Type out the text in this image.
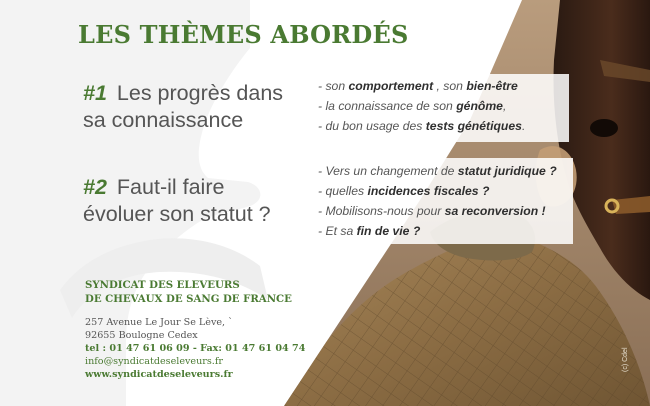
LES THÈMES ABORDÉS
#1 Les progrès dans
sa connaissance
- son comportement , son bien-être
- la connaissance de son génôme,
- du bon usage des tests génétiques.
#2 Faut-il faire
évoluer son statut ?
- Vers un changement de statut juridique ?
- quelles incidences fiscales ?
- Mobilisons-nous pour sa reconversion !
- Et sa fin de vie ?
SYNDICAT DES ELEVEURS
DE CHEVAUX DE SANG DE FRANCE
257 Avenue Le Jour Se Lève, `
92655 Boulogne Cedex
tel : 01 47 61 06 09 - Fax: 01 47 61 04 74
info@syndicatdeseleveurs.fr
www.syndicatdeseleveurs.fr
(c) Cdel
